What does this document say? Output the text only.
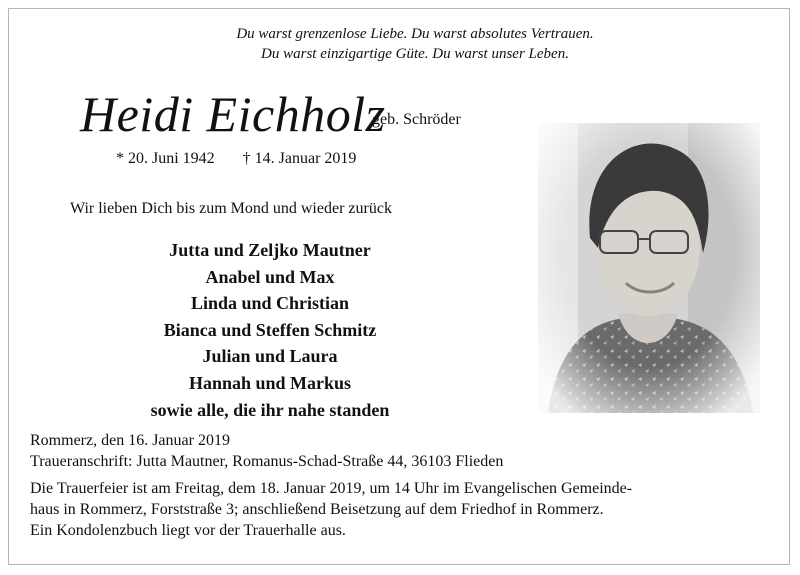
Du warst grenzenlose Liebe. Du warst absolutes Vertrauen.
Du warst einzigartige Güte. Du warst unser Leben.
Heidi Eichholz
geb. Schröder
* 20. Juni 1942 † 14. Januar 2019
Wir lieben Dich bis zum Mond und wieder zurück
Jutta und Zeljko Mautner
Anabel und Max
Linda und Christian
Bianca und Steffen Schmitz
Julian und Laura
Hannah und Markus
sowie alle, die ihr nahe standen
Rommerz, den 16. Januar 2019
Traueranschrift: Jutta Mautner, Romanus-Schad-Straße 44, 36103 Flieden
Die Trauerfeier ist am Freitag, dem 18. Januar 2019, um 14 Uhr im Evangelischen Gemeinde-
haus in Rommerz, Forststraße 3; anschließend Beisetzung auf dem Friedhof in Rommerz.
Ein Kondolenzbuch liegt vor der Trauerhalle aus.
